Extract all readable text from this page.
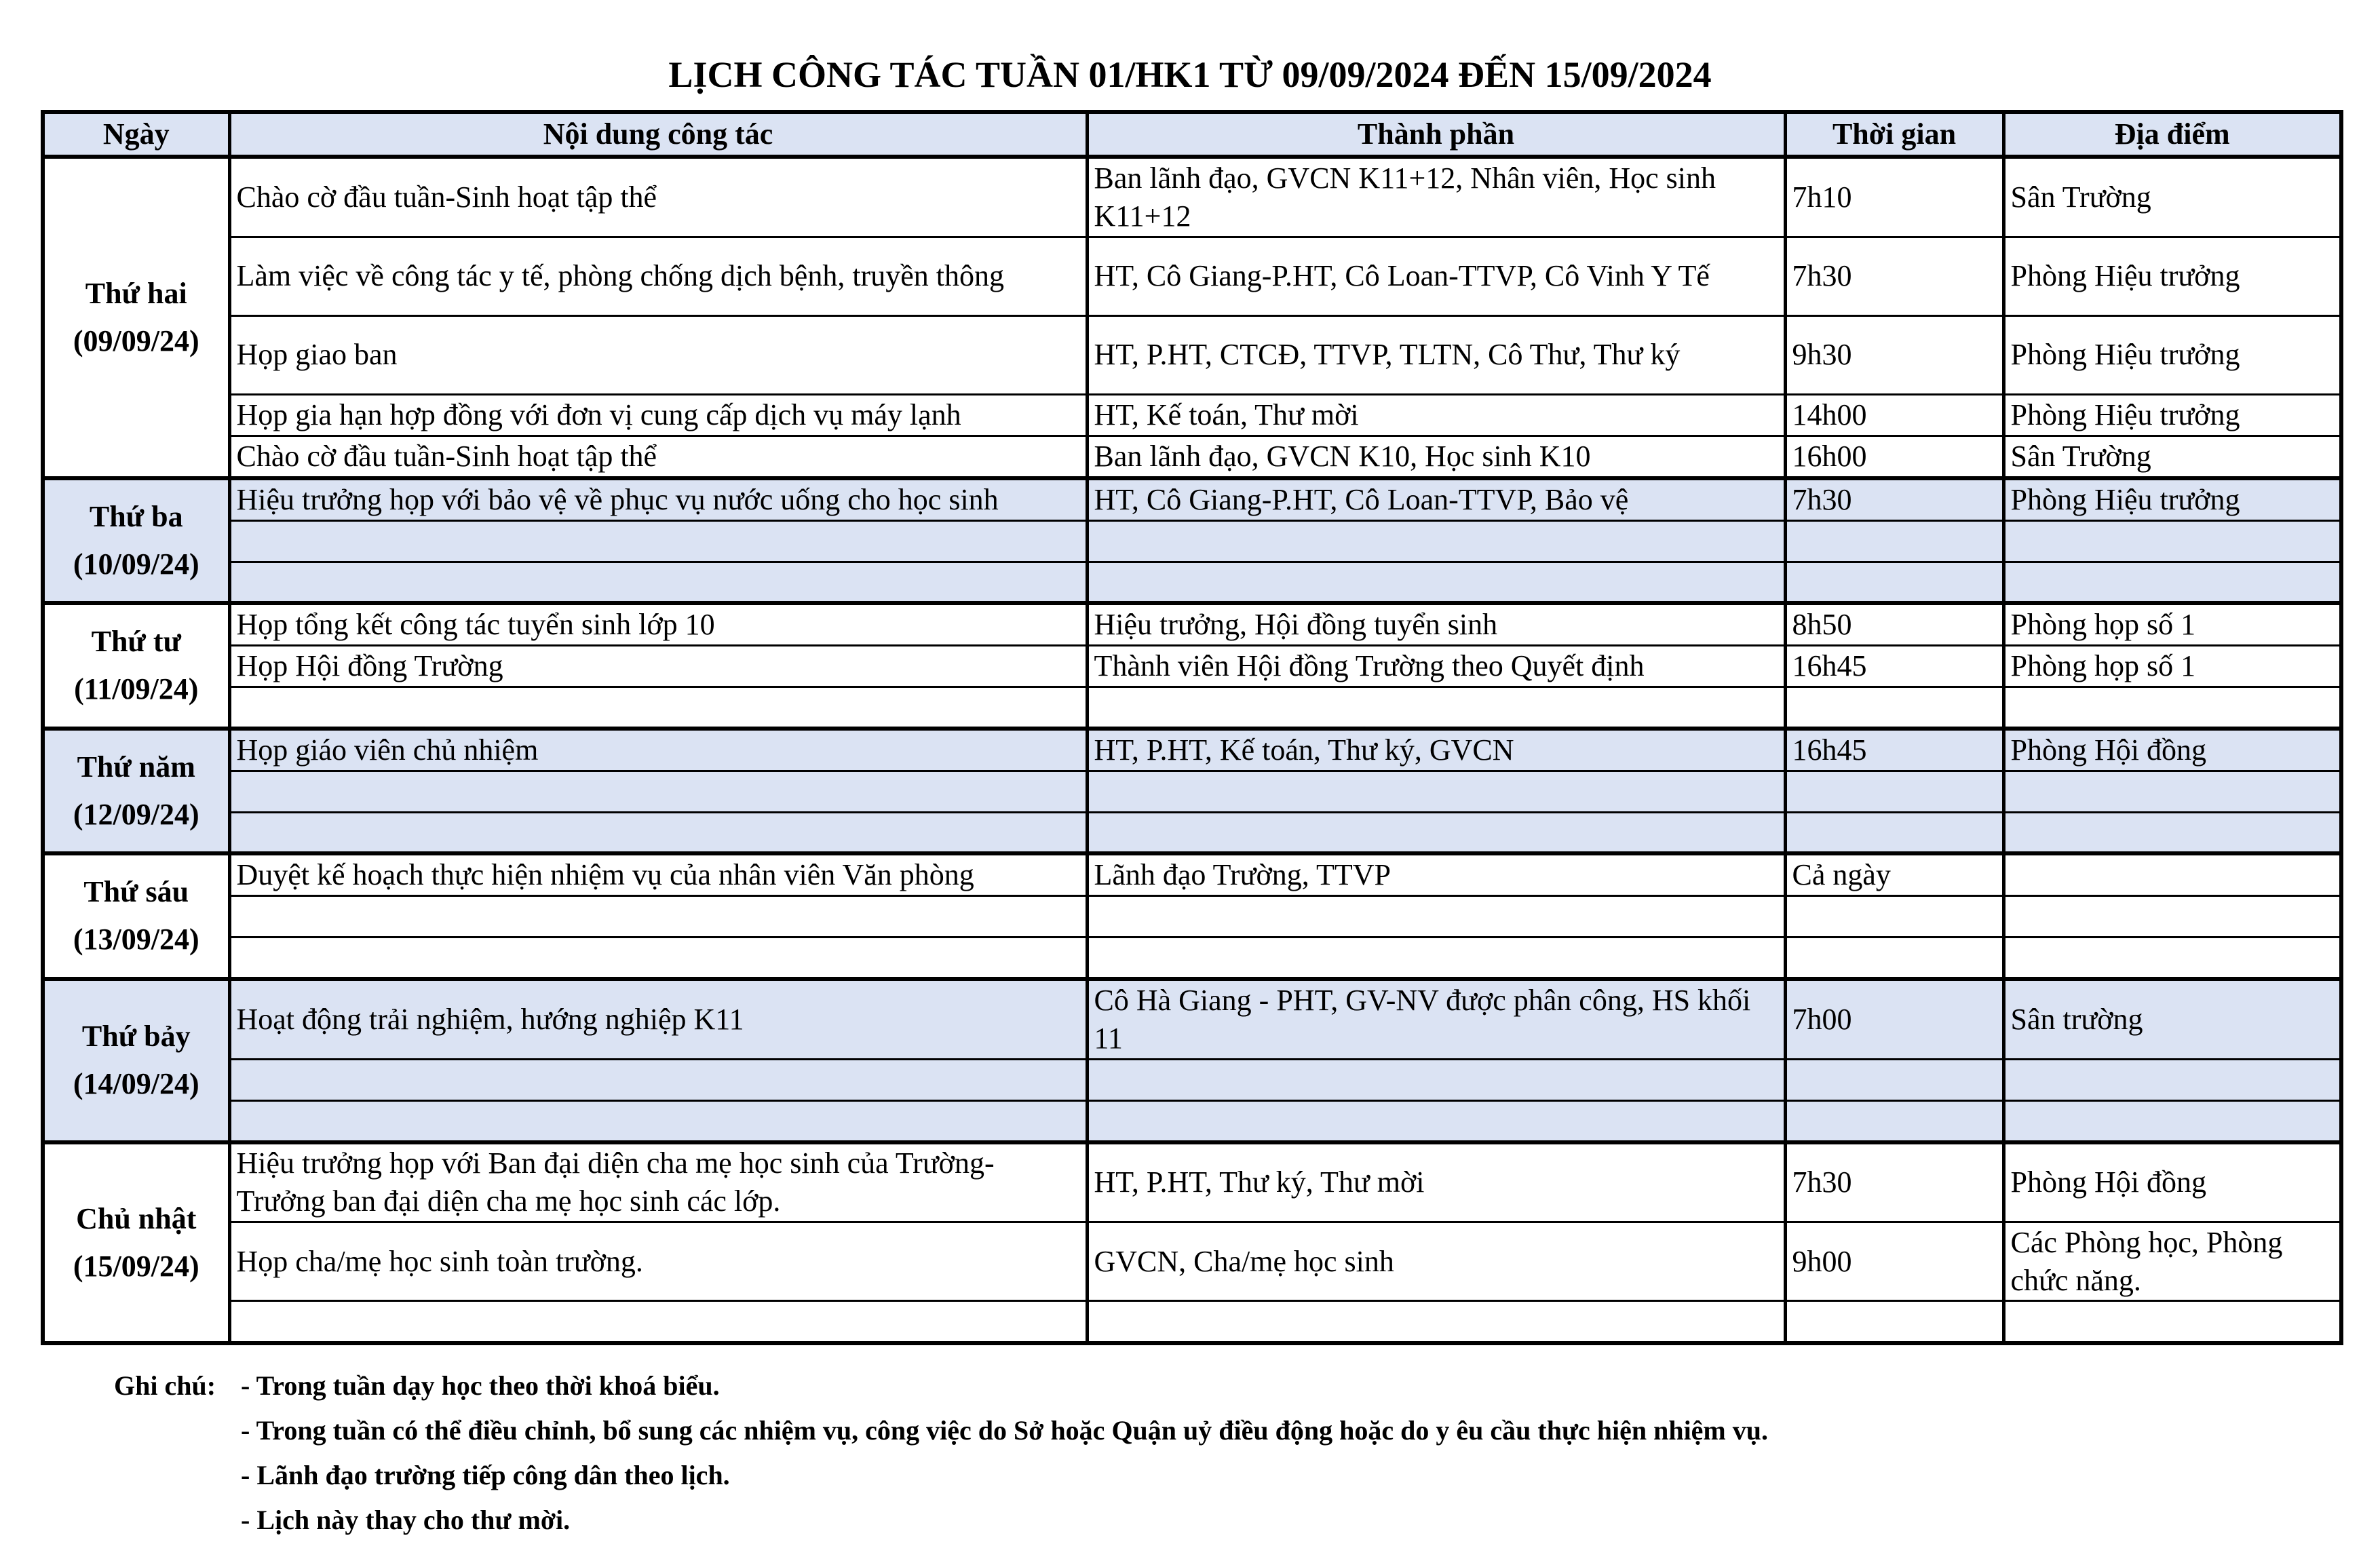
LỊCH CÔNG TÁC TUẦN 01/HK1 TỪ 09/09/2024 ĐẾN 15/09/2024
Ngày	Nội dung công tác	Thành phần	Thời gian	Địa điểm

Thứ hai
(09/09/24)	Chào cờ đầu tuần-Sinh hoạt tập thể	Ban lãnh đạo, GVCN K11+12, Nhân viên, Học sinh K11+12	7h10	Sân Trường
	Làm việc về công tác y tế, phòng chống dịch bệnh, truyền thông	HT, Cô Giang-P.HT, Cô Loan-TTVP, Cô Vinh Y Tế	7h30	Phòng Hiệu trưởng
	Họp giao ban	HT, P.HT, CTCĐ, TTVP, TLTN, Cô Thư, Thư ký	9h30	Phòng Hiệu trưởng
	Họp gia hạn hợp đồng với đơn vị cung cấp dịch vụ máy lạnh	HT, Kế toán, Thư mời	14h00	Phòng Hiệu trưởng
	Chào cờ đầu tuần-Sinh hoạt tập thể	Ban lãnh đạo, GVCN K10, Học sinh K10	16h00	Sân Trường

Thứ ba
(10/09/24)	Hiệu trưởng họp với bảo vệ về phục vụ nước uống cho học sinh	HT, Cô Giang-P.HT, Cô Loan-TTVP, Bảo vệ	7h30	Phòng Hiệu trưởng

Thứ tư
(11/09/24)	Họp tổng kết công tác tuyển sinh lớp 10	Hiệu trưởng, Hội đồng tuyển sinh	8h50	Phòng họp số 1
	Họp Hội đồng Trường	Thành viên Hội đồng Trường theo Quyết định	16h45	Phòng họp số 1

Thứ năm
(12/09/24)	Họp giáo viên chủ nhiệm	HT, P.HT, Kế toán, Thư ký, GVCN	16h45	Phòng Hội đồng

Thứ sáu
(13/09/24)	Duyệt kế hoạch thực hiện nhiệm vụ của nhân viên Văn phòng	Lãnh đạo Trường, TTVP	Cả ngày	

Thứ bảy
(14/09/24)	Hoạt động trải nghiệm, hướng nghiệp K11	Cô Hà Giang - PHT, GV-NV được phân công, HS khối 11	7h00	Sân trường

Chủ nhật
(15/09/24)	Hiệu trưởng họp với Ban đại diện cha mẹ học sinh của Trường-Trưởng ban đại diện cha mẹ học sinh các lớp.	HT, P.HT, Thư ký, Thư mời	7h30	Phòng Hội đồng
	Họp cha/mẹ học sinh toàn trường.	GVCN, Cha/mẹ học sinh	9h00	Các Phòng học, Phòng chức năng.

Ghi chú: - Trong tuần dạy học theo thời khoá biểu.
- Trong tuần có thể điều chỉnh, bổ sung các nhiệm vụ, công việc do Sở hoặc Quận uỷ điều động hoặc do y êu cầu thực hiện nhiệm vụ.
- Lãnh đạo trường tiếp công dân theo lịch.
- Lịch này thay cho thư mời.
